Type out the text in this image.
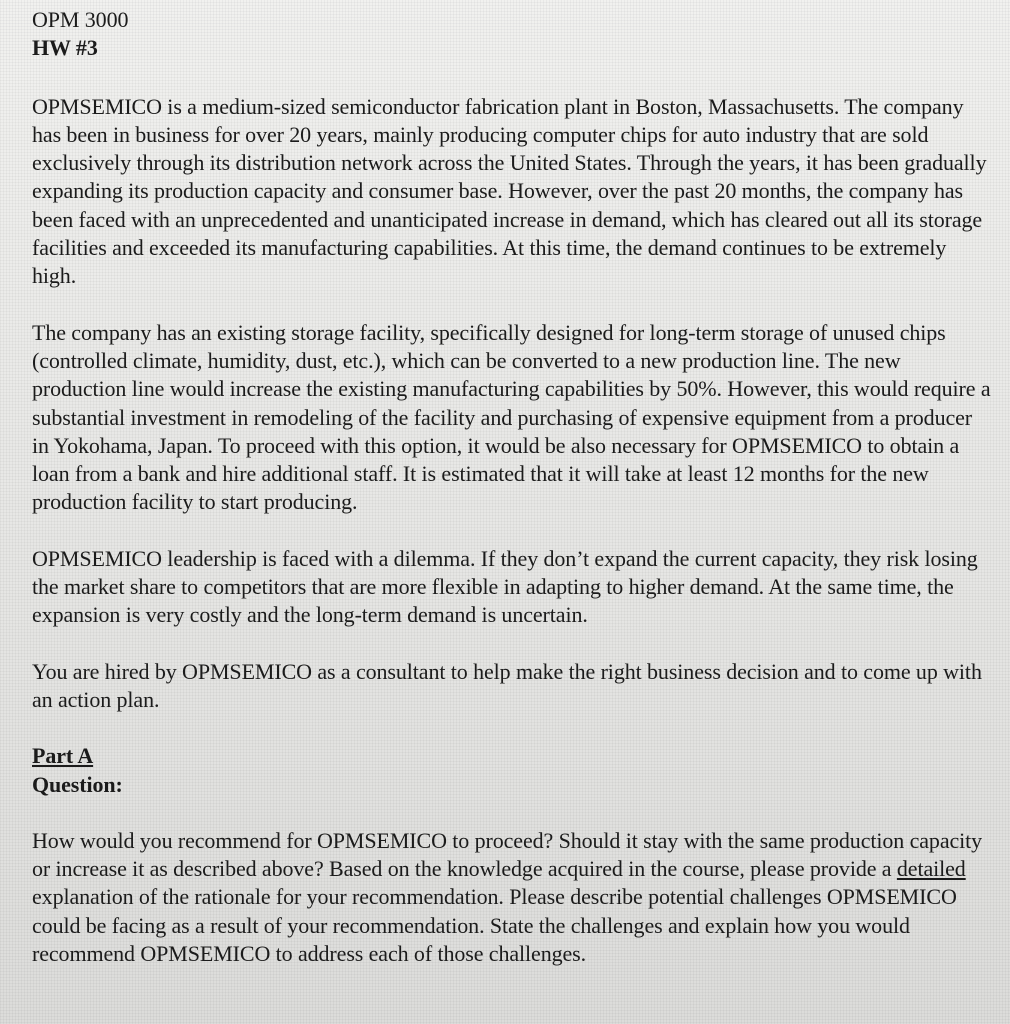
OPM 3000
HW #3

OPMSEMICO is a medium-sized semiconductor fabrication plant in Boston, Massachusetts. The company has been in business for over 20 years, mainly producing computer chips for auto industry that are sold exclusively through its distribution network across the United States. Through the years, it has been gradually expanding its production capacity and consumer base. However, over the past 20 months, the company has been faced with an unprecedented and unanticipated increase in demand, which has cleared out all its storage facilities and exceeded its manufacturing capabilities. At this time, the demand continues to be extremely high.

The company has an existing storage facility, specifically designed for long-term storage of unused chips (controlled climate, humidity, dust, etc.), which can be converted to a new production line. The new production line would increase the existing manufacturing capabilities by 50%. However, this would require a substantial investment in remodeling of the facility and purchasing of expensive equipment from a producer in Yokohama, Japan. To proceed with this option, it would be also necessary for OPMSEMICO to obtain a loan from a bank and hire additional staff. It is estimated that it will take at least 12 months for the new production facility to start producing.

OPMSEMICO leadership is faced with a dilemma. If they don’t expand the current capacity, they risk losing the market share to competitors that are more flexible in adapting to higher demand. At the same time, the expansion is very costly and the long-term demand is uncertain.

You are hired by OPMSEMICO as a consultant to help make the right business decision and to come up with an action plan.

Part A
Question:

How would you recommend for OPMSEMICO to proceed? Should it stay with the same production capacity or increase it as described above? Based on the knowledge acquired in the course, please provide a detailed explanation of the rationale for your recommendation. Please describe potential challenges OPMSEMICO could be facing as a result of your recommendation. State the challenges and explain how you would recommend OPMSEMICO to address each of those challenges.
